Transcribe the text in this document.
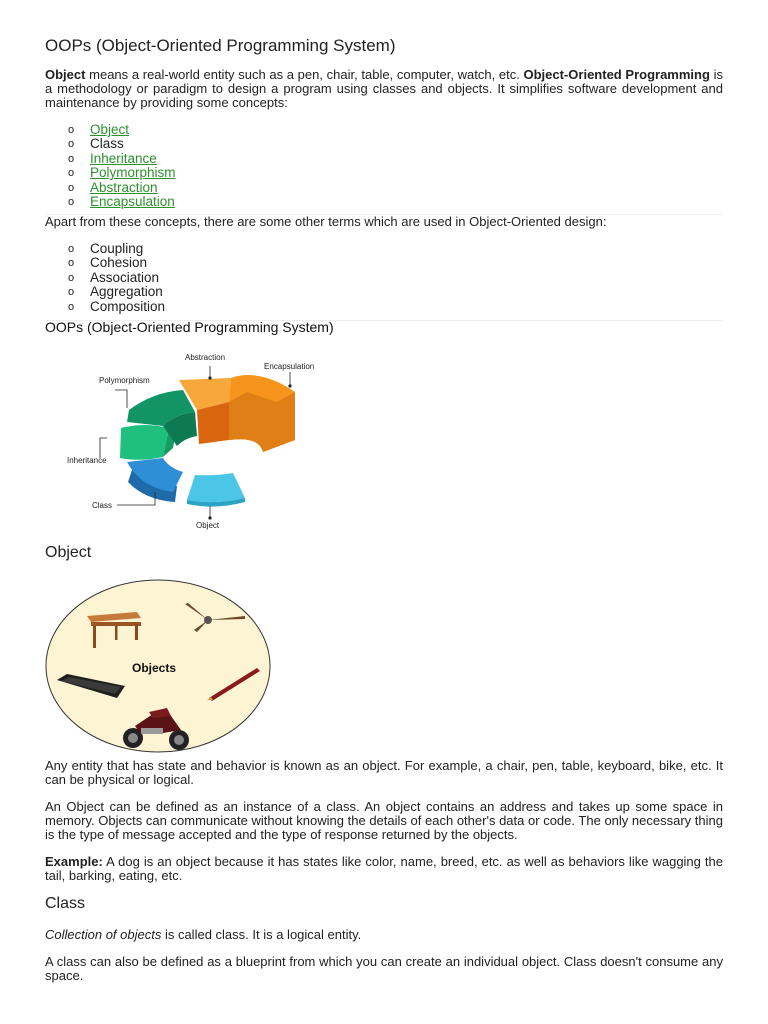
OOPs (Object-Oriented Programming System)

Object means a real-world entity such as a pen, chair, table, computer, watch, etc. Object-Oriented Programming is a methodology or paradigm to design a program using classes and objects. It simplifies software development and maintenance by providing some concepts:

o Object
o Class
o Inheritance
o Polymorphism
o Abstraction
o Encapsulation

Apart from these concepts, there are some other terms which are used in Object-Oriented design:

o Coupling
o Cohesion
o Association
o Aggregation
o Composition
OOPs (Object-Oriented Programming System)
Abstraction
Encapsulation
Polymorphism
Inheritance
Class
Object
Object
Objects

Any entity that has state and behavior is known as an object. For example, a chair, pen, table, keyboard, bike, etc. It can be physical or logical.

An Object can be defined as an instance of a class. An object contains an address and takes up some space in memory. Objects can communicate without knowing the details of each other's data or code. The only necessary thing is the type of message accepted and the type of response returned by the objects.

Example: A dog is an object because it has states like color, name, breed, etc. as well as behaviors like wagging the tail, barking, eating, etc.

Class

Collection of objects is called class. It is a logical entity.

A class can also be defined as a blueprint from which you can create an individual object. Class doesn't consume any space.
